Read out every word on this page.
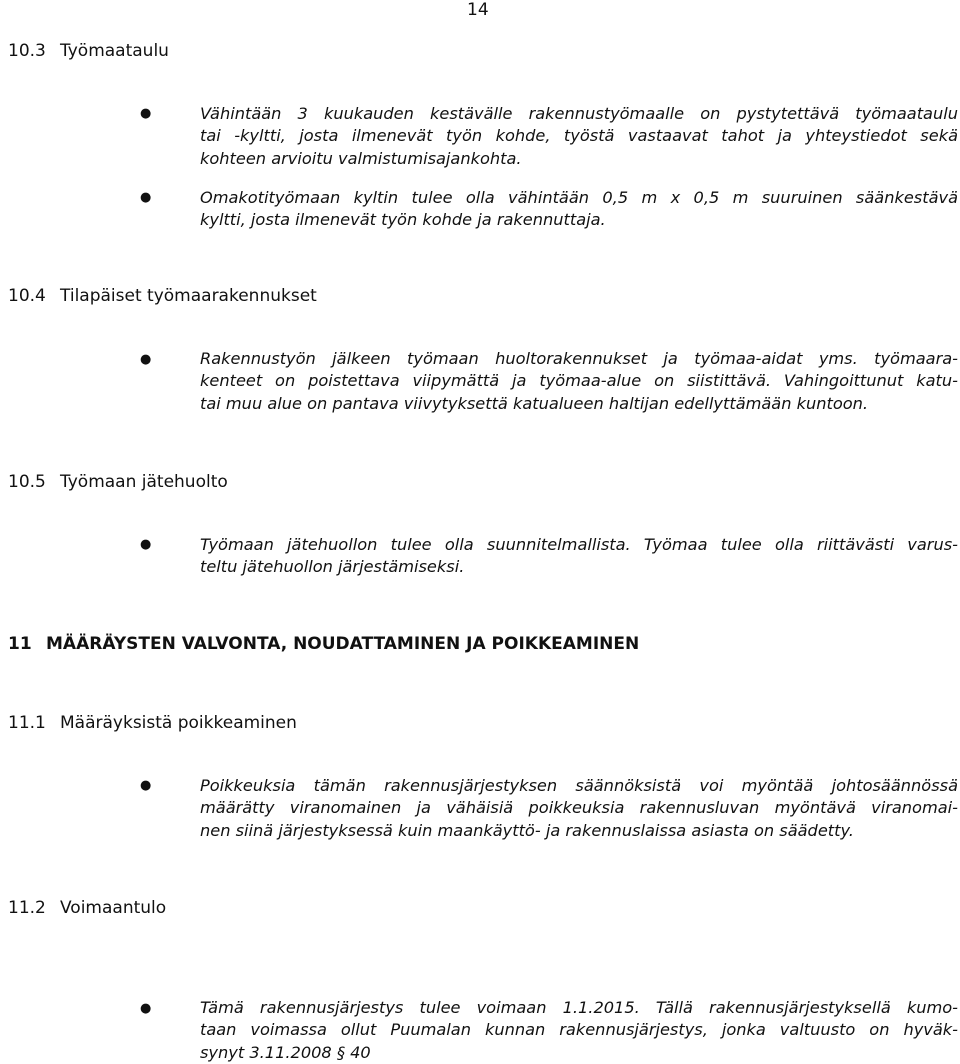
14
10.3 Työmaataulu
●	Vähintään 3 kuukauden kestävälle rakennustyömaalle on pystytettävä työmaataulu
tai -kyltti, josta ilmenevät työn kohde, työstä vastaavat tahot ja yhteystiedot sekä
kohteen arvioitu valmistumisajankohta.
●	Omakotityömaan kyltin tulee olla vähintään 0,5 m x 0,5 m suuruinen säänkestävä
kyltti, josta ilmenevät työn kohde ja rakennuttaja.
10.4 Tilapäiset työmaarakennukset
●	Rakennustyön jälkeen työmaan huoltorakennukset ja työmaa-aidat yms. työmaara-
kenteet on poistettava viipymättä ja työmaa-alue on siistittävä. Vahingoittunut katu-
tai muu alue on pantava viivytyksettä katualueen haltijan edellyttämään kuntoon.
10.5 Työmaan jätehuolto
●	Työmaan jätehuollon tulee olla suunnitelmallista. Työmaa tulee olla riittävästi varus-
teltu jätehuollon järjestämiseksi.
11 MÄÄRÄYSTEN VALVONTA, NOUDATTAMINEN JA POIKKEAMINEN
11.1 Määräyksistä poikkeaminen
●	Poikkeuksia tämän rakennusjärjestyksen säännöksistä voi myöntää johtosäännössä
määrätty viranomainen ja vähäisiä poikkeuksia rakennusluvan myöntävä viranomai-
nen siinä järjestyksessä kuin maankäyttö- ja rakennuslaissa asiasta on säädetty.
11.2 Voimaantulo
●	Tämä rakennusjärjestys tulee voimaan 1.1.2015. Tällä rakennusjärjestyksellä kumo-
taan voimassa ollut Puumalan kunnan rakennusjärjestys, jonka valtuusto on hyväk-
synyt 3.11.2008 § 40
